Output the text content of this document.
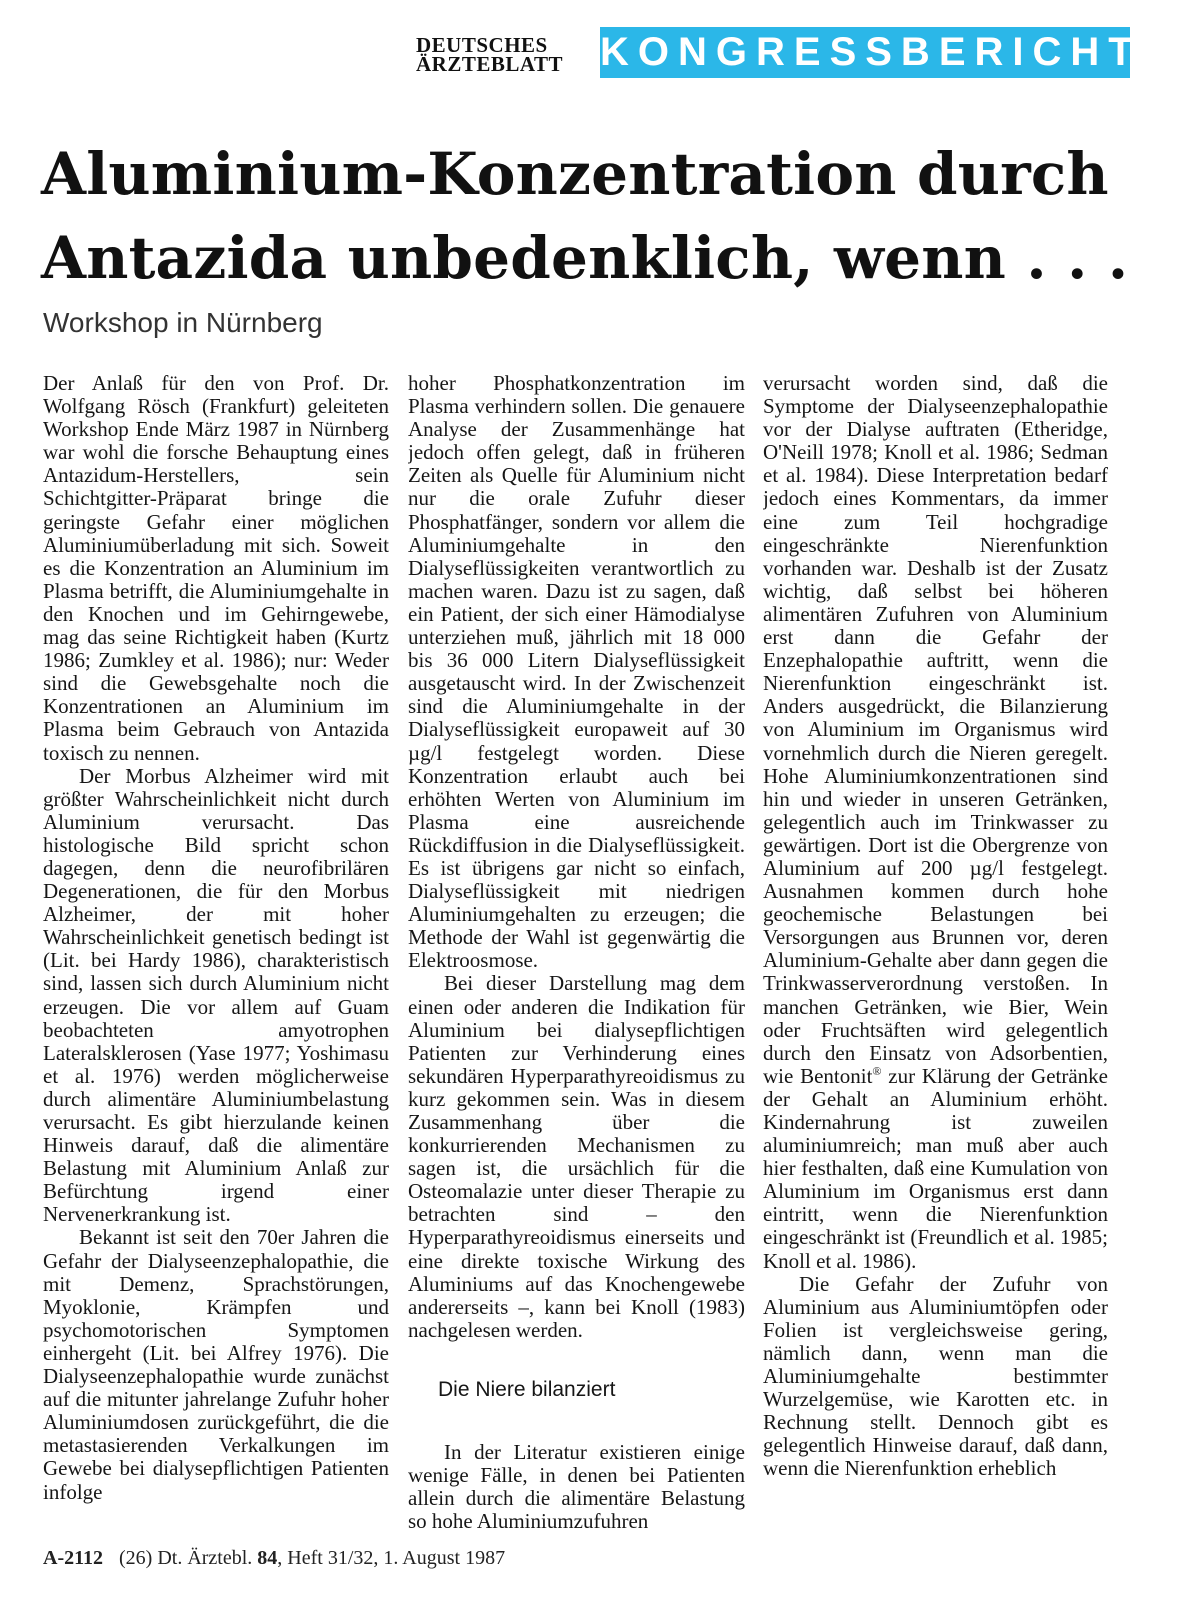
DEUTSCHES
ÄRZTEBLATT KONGRESSBERICHT
Aluminium-Konzentration durch Antazida unbedenklich, wenn . . .
Workshop in Nürnberg

Der Anlaß für den von Prof. Dr. Wolfgang Rösch (Frankfurt) geleiteten Workshop Ende März 1987 in Nürnberg war wohl die forsche Behauptung eines Antazidum-Herstellers, sein Schichtgitter-Präparat bringe die geringste Gefahr einer möglichen Aluminiumüberladung mit sich. Soweit es die Konzentration an Aluminium im Plasma betrifft, die Aluminiumgehalte in den Knochen und im Gehirngewebe, mag das seine Richtigkeit haben (Kurtz 1986; Zumkley et al. 1986); nur: Weder sind die Gewebsgehalte noch die Konzentrationen an Aluminium im Plasma beim Gebrauch von Antazida toxisch zu nennen.

Der Morbus Alzheimer wird mit größter Wahrscheinlichkeit nicht durch Aluminium verursacht. Das histologische Bild spricht schon dagegen, denn die neurofibrilären Degenerationen, die für den Morbus Alzheimer, der mit hoher Wahrscheinlichkeit genetisch bedingt ist (Lit. bei Hardy 1986), charakteristisch sind, lassen sich durch Aluminium nicht erzeugen. Die vor allem auf Guam beobachteten amyotrophen Lateralsklerosen (Yase 1977; Yoshimasu et al. 1976) werden möglicherweise durch alimentäre Aluminiumbelastung verursacht. Es gibt hierzulande keinen Hinweis darauf, daß die alimentäre Belastung mit Aluminium Anlaß zur Befürchtung irgend einer Nervenerkrankung ist.

Bekannt ist seit den 70er Jahren die Gefahr der Dialyseenzephalopathie, die mit Demenz, Sprachstörungen, Myoklonie, Krämpfen und psychomotorischen Symptomen einhergeht (Lit. bei Alfrey 1976). Die Dialyseenzephalopathie wurde zunächst auf die mitunter jahrelange Zufuhr hoher Aluminiumdosen zurückgeführt, die die metastasierenden Verkalkungen im Gewebe bei dialysepflichtigen Patienten infolge

hoher Phosphatkonzentration im Plasma verhindern sollen. Die genauere Analyse der Zusammenhänge hat jedoch offen gelegt, daß in früheren Zeiten als Quelle für Aluminium nicht nur die orale Zufuhr dieser Phosphatfänger, sondern vor allem die Aluminiumgehalte in den Dialyseflüssigkeiten verantwortlich zu machen waren. Dazu ist zu sagen, daß ein Patient, der sich einer Hämodialyse unterziehen muß, jährlich mit 18 000 bis 36 000 Litern Dialyseflüssigkeit ausgetauscht wird. In der Zwischenzeit sind die Aluminiumgehalte in der Dialyseflüssigkeit europaweit auf 30 µg/l festgelegt worden. Diese Konzentration erlaubt auch bei erhöhten Werten von Aluminium im Plasma eine ausreichende Rückdiffusion in die Dialyseflüssigkeit. Es ist übrigens gar nicht so einfach, Dialyseflüssigkeit mit niedrigen Aluminiumgehalten zu erzeugen; die Methode der Wahl ist gegenwärtig die Elektroosmose.

Bei dieser Darstellung mag dem einen oder anderen die Indikation für Aluminium bei dialysepflichtigen Patienten zur Verhinderung eines sekundären Hyperparathyreoidismus zu kurz gekommen sein. Was in diesem Zusammenhang über die konkurrierenden Mechanismen zu sagen ist, die ursächlich für die Osteomalazie unter dieser Therapie zu betrachten sind – den Hyperparathyreoidismus einerseits und eine direkte toxische Wirkung des Aluminiums auf das Knochengewebe andererseits –, kann bei Knoll (1983) nachgelesen werden.

Die Niere bilanziert

In der Literatur existieren einige wenige Fälle, in denen bei Patienten allein durch die alimentäre Belastung so hohe Aluminiumzufuhren

verursacht worden sind, daß die Symptome der Dialyseenzephalopathie vor der Dialyse auftraten (Etheridge, O'Neill 1978; Knoll et al. 1986; Sedman et al. 1984). Diese Interpretation bedarf jedoch eines Kommentars, da immer eine zum Teil hochgradige eingeschränkte Nierenfunktion vorhanden war. Deshalb ist der Zusatz wichtig, daß selbst bei höheren alimentären Zufuhren von Aluminium erst dann die Gefahr der Enzephalopathie auftritt, wenn die Nierenfunktion eingeschränkt ist. Anders ausgedrückt, die Bilanzierung von Aluminium im Organismus wird vornehmlich durch die Nieren geregelt. Hohe Aluminiumkonzentrationen sind hin und wieder in unseren Getränken, gelegentlich auch im Trinkwasser zu gewärtigen. Dort ist die Obergrenze von Aluminium auf 200 µg/l festgelegt. Ausnahmen kommen durch hohe geochemische Belastungen bei Versorgungen aus Brunnen vor, deren Aluminium-Gehalte aber dann gegen die Trinkwasserverordnung verstoßen. In manchen Getränken, wie Bier, Wein oder Fruchtsäften wird gelegentlich durch den Einsatz von Adsorbentien, wie Bentonit® zur Klärung der Getränke der Gehalt an Aluminium erhöht. Kindernahrung ist zuweilen aluminiumreich; man muß aber auch hier festhalten, daß eine Kumulation von Aluminium im Organismus erst dann eintritt, wenn die Nierenfunktion eingeschränkt ist (Freundlich et al. 1985; Knoll et al. 1986).

Die Gefahr der Zufuhr von Aluminium aus Aluminiumtöpfen oder Folien ist vergleichsweise gering, nämlich dann, wenn man die Aluminiumgehalte bestimmter Wurzelgemüse, wie Karotten etc. in Rechnung stellt. Dennoch gibt es gelegentlich Hinweise darauf, daß dann, wenn die Nierenfunktion erheblich

A-2112 (26) Dt. Ärztebl. 84, Heft 31/32, 1. August 1987
